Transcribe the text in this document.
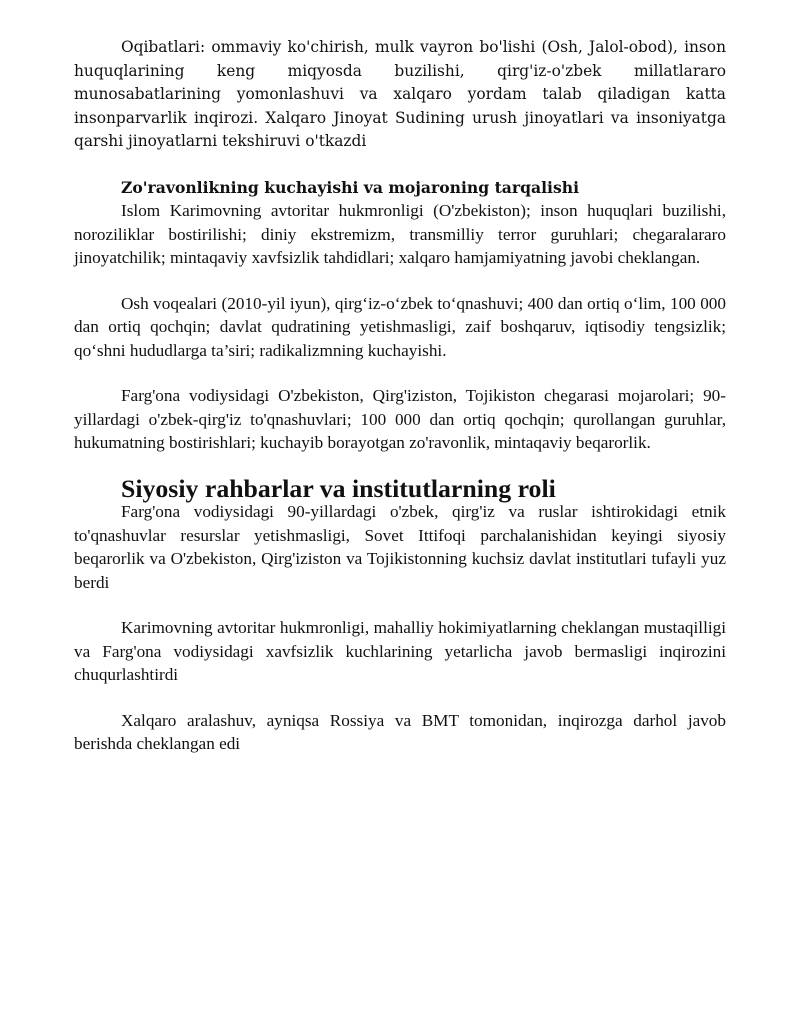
Oqibatlari: ommaviy ko'chirish, mulk vayron bo'lishi (Osh, Jalol-obod), inson huquqlarining keng miqyosda buzilishi, qirg'iz-o'zbek millatlararo munosabatlarining yomonlashuvi va xalqaro yordam talab qiladigan katta insonparvarlik inqirozi. Xalqaro Jinoyat Sudining urush jinoyatlari va insoniyatga qarshi jinoyatlarni tekshiruvi o'tkazdi

Zo'ravonlikning kuchayishi va mojaroning tarqalishi

Islom Karimovning avtoritar hukmronligi (O'zbekiston); inson huquqlari buzilishi, noroziliklar bostirilishi; diniy ekstremizm, transmilliy terror guruhlari; chegaralararo jinoyatchilik; mintaqaviy xavfsizlik tahdidlari; xalqaro hamjamiyatning javobi cheklangan.

Osh voqealari (2010-yil iyun), qirg‘iz-o‘zbek to‘qnashuvi; 400 dan ortiq o‘lim, 100 000 dan ortiq qochqin; davlat qudratining yetishmasligi, zaif boshqaruv, iqtisodiy tengsizlik; qo‘shni hududlarga ta’siri; radikalizmning kuchayishi.

Farg'ona vodiysidagi O'zbekiston, Qirg'iziston, Tojikiston chegarasi mojarolari; 90-yillardagi o'zbek-qirg'iz to'qnashuvlari; 100 000 dan ortiq qochqin; qurollangan guruhlar, hukumatning bostirishlari; kuchayib borayotgan zo'ravonlik, mintaqaviy beqarorlik.

Siyosiy rahbarlar va institutlarning roli

Farg'ona vodiysidagi 90-yillardagi o'zbek, qirg'iz va ruslar ishtirokidagi etnik to'qnashuvlar resurslar yetishmasligi, Sovet Ittifoqi parchalanishidan keyingi siyosiy beqarorlik va O'zbekiston, Qirg'iziston va Tojikistonning kuchsiz davlat institutlari tufayli yuz berdi

Karimovning avtoritar hukmronligi, mahalliy hokimiyatlarning cheklangan mustaqilligi va Farg'ona vodiysidagi xavfsizlik kuchlarining yetarlicha javob bermasligi inqirozini chuqurlashtirdi

Xalqaro aralashuv, ayniqsa Rossiya va BMT tomonidan, inqirozga darhol javob berishda cheklangan edi
